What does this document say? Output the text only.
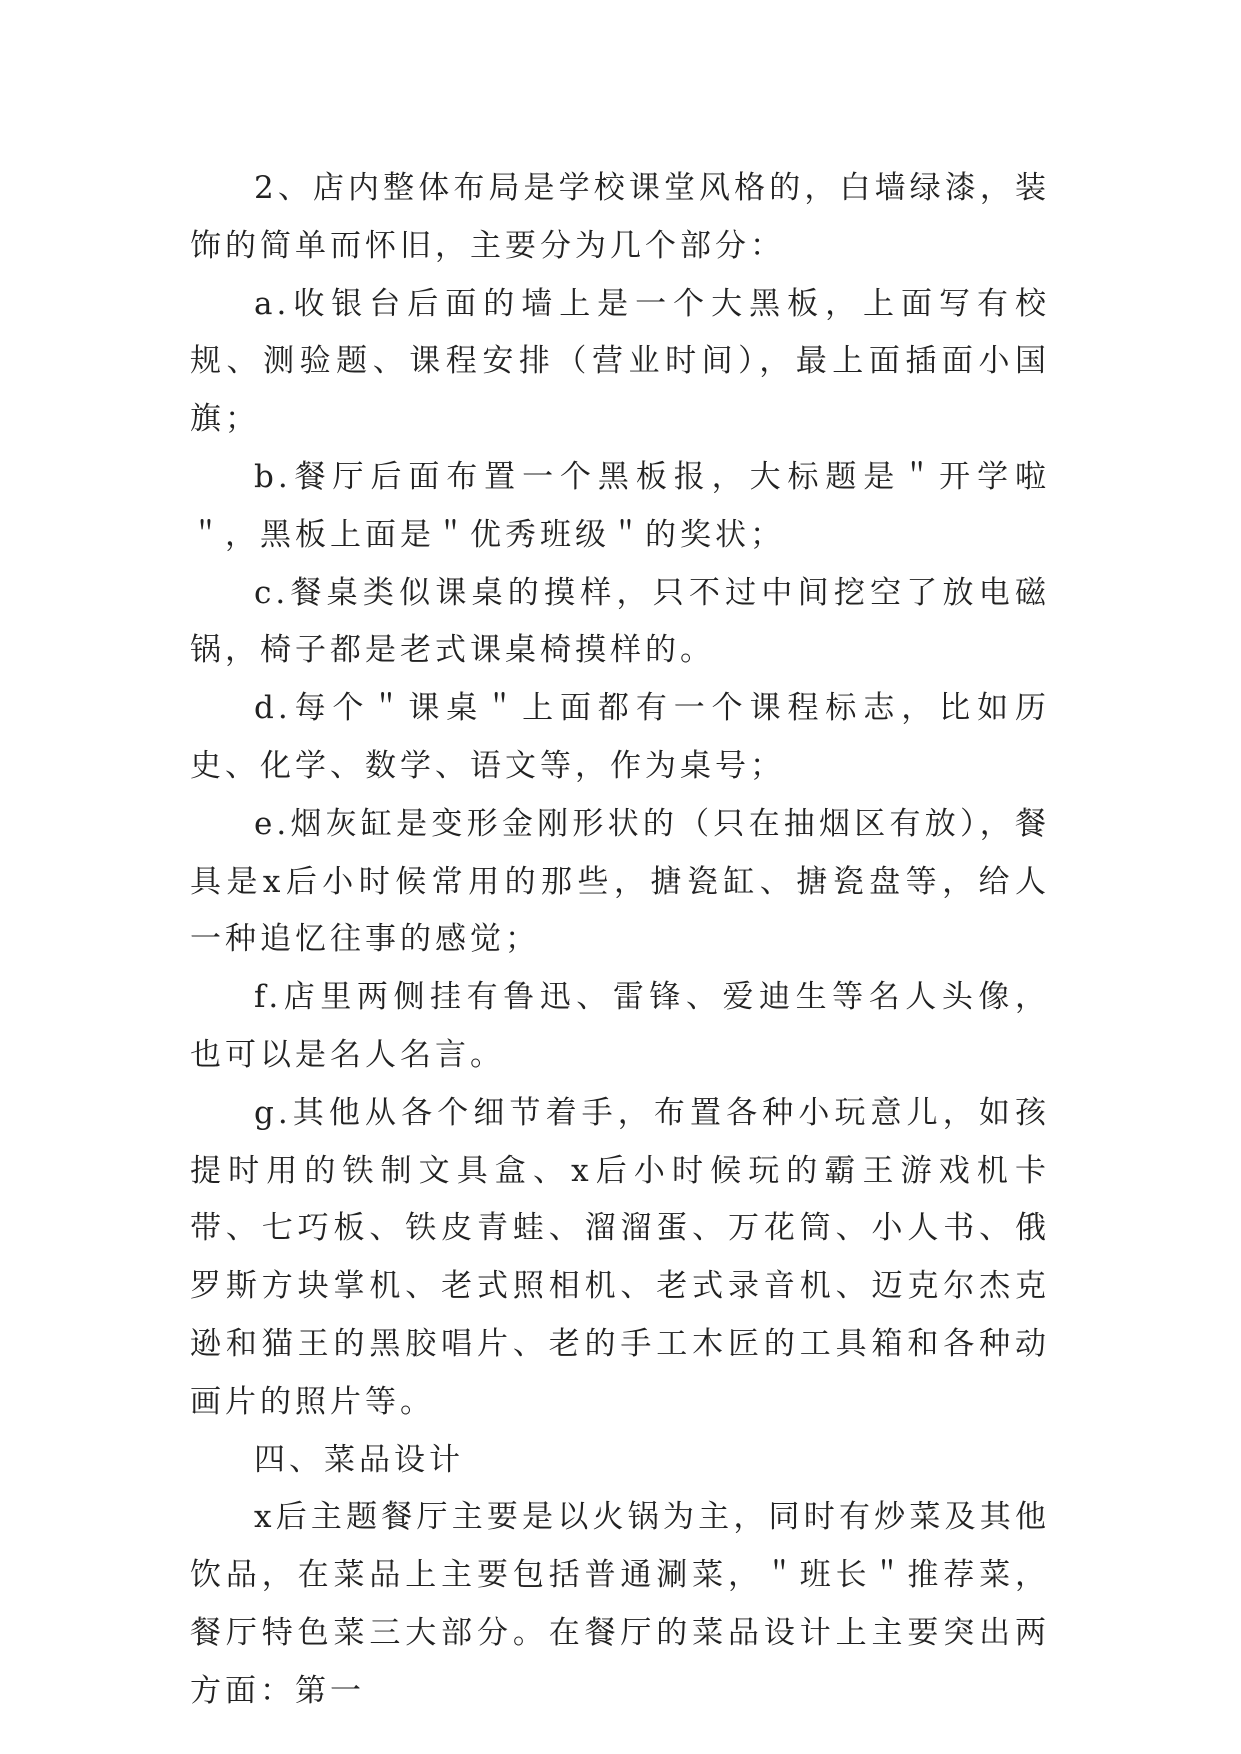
2、店内整体布局是学校课堂风格的，白墙绿漆，装饰的简单而怀旧，主要分为几个部分：

a.收银台后面的墙上是一个大黑板，上面写有校规、测验题、课程安排（营业时间），最上面插面小国旗；

b.餐厅后面布置一个黑板报，大标题是＂开学啦＂，黑板上面是＂优秀班级＂的奖状；

c.餐桌类似课桌的摸样，只不过中间挖空了放电磁锅，椅子都是老式课桌椅摸样的。

d.每个＂课桌＂上面都有一个课程标志，比如历史、化学、数学、语文等，作为桌号；

e.烟灰缸是变形金刚形状的（只在抽烟区有放），餐具是x后小时候常用的那些，搪瓷缸、搪瓷盘等，给人一种追忆往事的感觉；

f.店里两侧挂有鲁迅、雷锋、爱迪生等名人头像，也可以是名人名言。

g.其他从各个细节着手，布置各种小玩意儿，如孩提时用的铁制文具盒、x后小时候玩的霸王游戏机卡带、七巧板、铁皮青蛙、溜溜蛋、万花筒、小人书、俄罗斯方块掌机、老式照相机、老式录音机、迈克尔杰克逊和猫王的黑胶唱片、老的手工木匠的工具箱和各种动画片的照片等。

四、菜品设计

x后主题餐厅主要是以火锅为主，同时有炒菜及其他饮品，在菜品上主要包括普通涮菜，＂班长＂推荐菜，餐厅特色菜三大部分。在餐厅的菜品设计上主要突出两方面：第一
